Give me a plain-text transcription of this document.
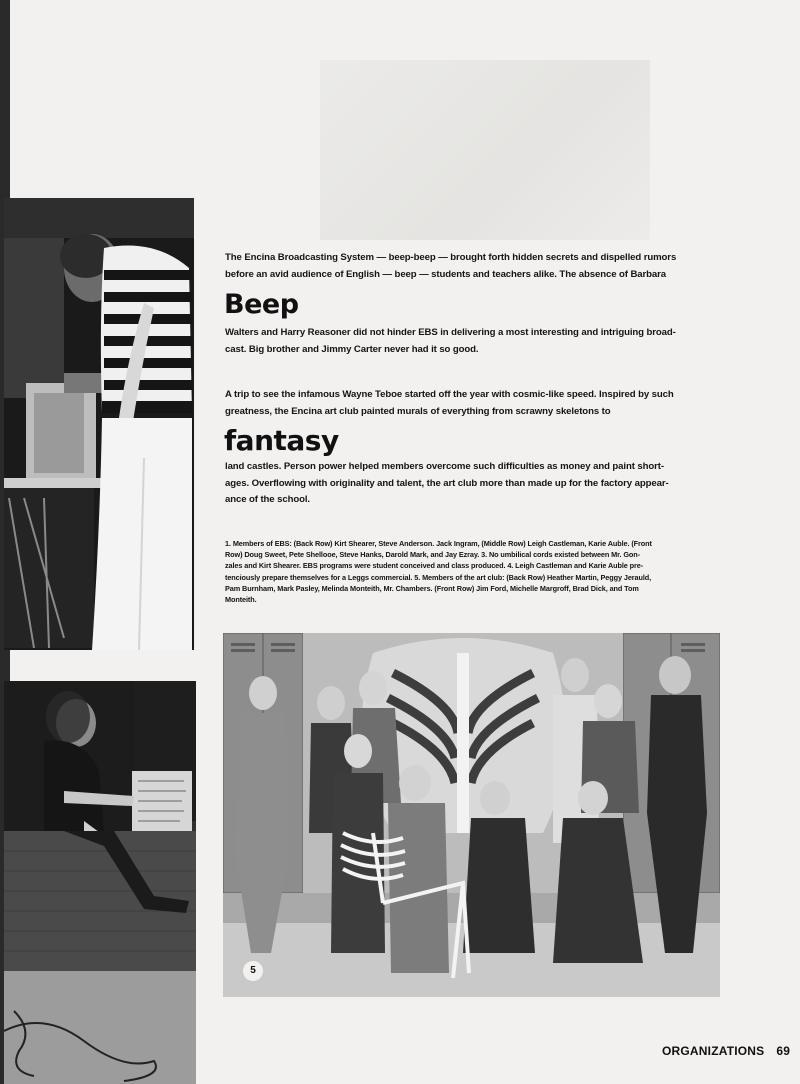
The Encina Broadcasting System — beep-beep — brought forth hidden secrets and dispelled rumors
before an avid audience of English — beep — students and teachers alike. The absence of Barbara
Beep
Walters and Harry Reasoner did not hinder EBS in delivering a most interesting and intriguing broad-
cast. Big brother and Jimmy Carter never had it so good.
A trip to see the infamous Wayne Teboe started off the year with cosmic-like speed. Inspired by such
greatness, the Encina art club painted murals of everything from scrawny skeletons to
fantasy
land castles. Person power helped members overcome such difficulties as money and paint short-
ages. Overflowing with originality and talent, the art club more than made up for the factory appear-
ance of the school.
1. Members of EBS: (Back Row) Kirt Shearer, Steve Anderson. Jack Ingram, (Middle Row) Leigh Castleman, Karie Auble. (Front
Row) Doug Sweet, Pete Shellooe, Steve Hanks, Darold Mark, and Jay Ezray. 3. No umbilical cords existed between Mr. Gon-
zales and Kirt Shearer. EBS programs were student conceived and class produced. 4. Leigh Castleman and Karie Auble pre-
tenciously prepare themselves for a Leggs commercial. 5. Members of the art club: (Back Row) Heather Martin, Peggy Jerauld,
Pam Burnham, Mark Pasley, Melinda Monteith, Mr. Chambers. (Front Row) Jim Ford, Michelle Margroff, Brad Dick, and Tom
Monteith.
5
ORGANIZATIONS 69
